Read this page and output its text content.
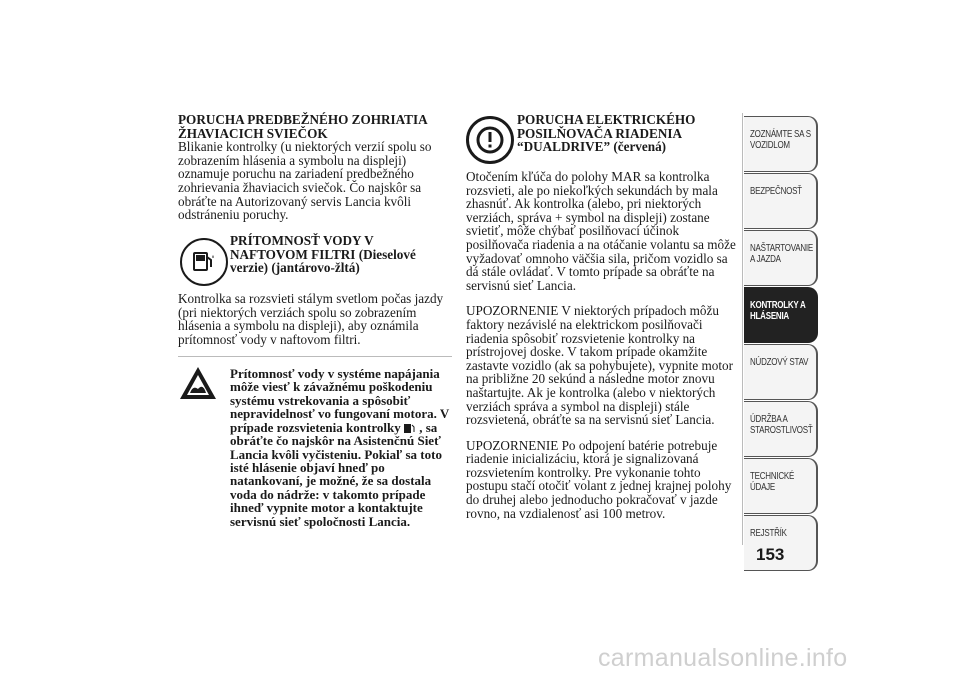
PORUCHA PREDBEŽNÉHO ZOHRIATIA ŽHAVIACICH SVIEČOK

Blikanie kontrolky (u niektorých verzií spolu so zobrazením hlásenia a symbolu na displeji) oznamuje poruchu na zariadení predbežného zohrievania žhaviacich sviečok. Čo najskôr sa obráťte na Autorizovaný servis Lancia kvôli odstráneniu poruchy.

PRÍTOMNOSŤ VODY V NAFTOVOM FILTRI (Dieselové verzie) (jantárovo-žltá)

Kontrolka sa rozsvieti stálym svetlom počas jazdy (pri niektorých verziách spolu so zobrazením hlásenia a symbolu na displeji), aby oznámila prítomnosť vody v naftovom filtri.

Prítomnosť vody v systéme napájania môže viesť k závažnému poškodeniu systému vstrekovania a spôsobiť nepravidelnosť vo fungovaní motora. V prípade rozsvietenia kontrolky , sa obráťte čo najskôr na Asistenčnú Sieť Lancia kvôli vyčisteniu. Pokiaľ sa toto isté hlásenie objaví hneď po natankovaní, je možné, že sa dostala voda do nádrže: v takomto prípade ihneď vypnite motor a kontaktujte servisnú sieť spoločnosti Lancia.

PORUCHA ELEKTRICKÉHO POSILŇOVAČA RIADENIA “DUALDRIVE” (červená)

Otočením kľúča do polohy MAR sa kontrolka rozsvieti, ale po niekoľkých sekundách by mala zhasnúť. Ak kontrolka (alebo, pri niektorých verziách, správa + symbol na displeji) zostane svietiť, môže chýbať posilňovací účinok posilňovača riadenia a na otáčanie volantu sa môže vyžadovať omnoho väčšia sila, pričom vozidlo sa dá stále ovládať. V tomto prípade sa obráťte na servisnú sieť Lancia.

UPOZORNENIE V niektorých prípadoch môžu faktory nezávislé na elektrickom posilňovači riadenia spôsobiť rozsvietenie kontrolky na prístrojovej doske. V takom prípade okamžite zastavte vozidlo (ak sa pohybujete), vypnite motor na približne 20 sekúnd a následne motor znovu naštartujte. Ak je kontrolka (alebo v niektorých verziách správa a symbol na displeji) stále rozsvietená, obráťte sa na servisnú sieť Lancia.

UPOZORNENIE Po odpojení batérie potrebuje riadenie inicializáciu, ktorá je signalizovaná rozsvietením kontrolky. Pre vykonanie tohto postupu stačí otočiť volant z jednej krajnej polohy do druhej alebo jednoducho pokračovať v jazde rovno, na vzdialenosť asi 100 metrov.

ZOZNÁMTE SA S VOZIDLOM
BEZPEČNOSŤ
NAŠTARTOVANIE A JAZDA
KONTROLKY A HLÁSENIA
NÚDZOVÝ STAV
ÚDRŽBA A STAROSTLIVOSŤ
TECHNICKÉ ÚDAJE
REJSTŘÍK
153
carmanualsonline.info
